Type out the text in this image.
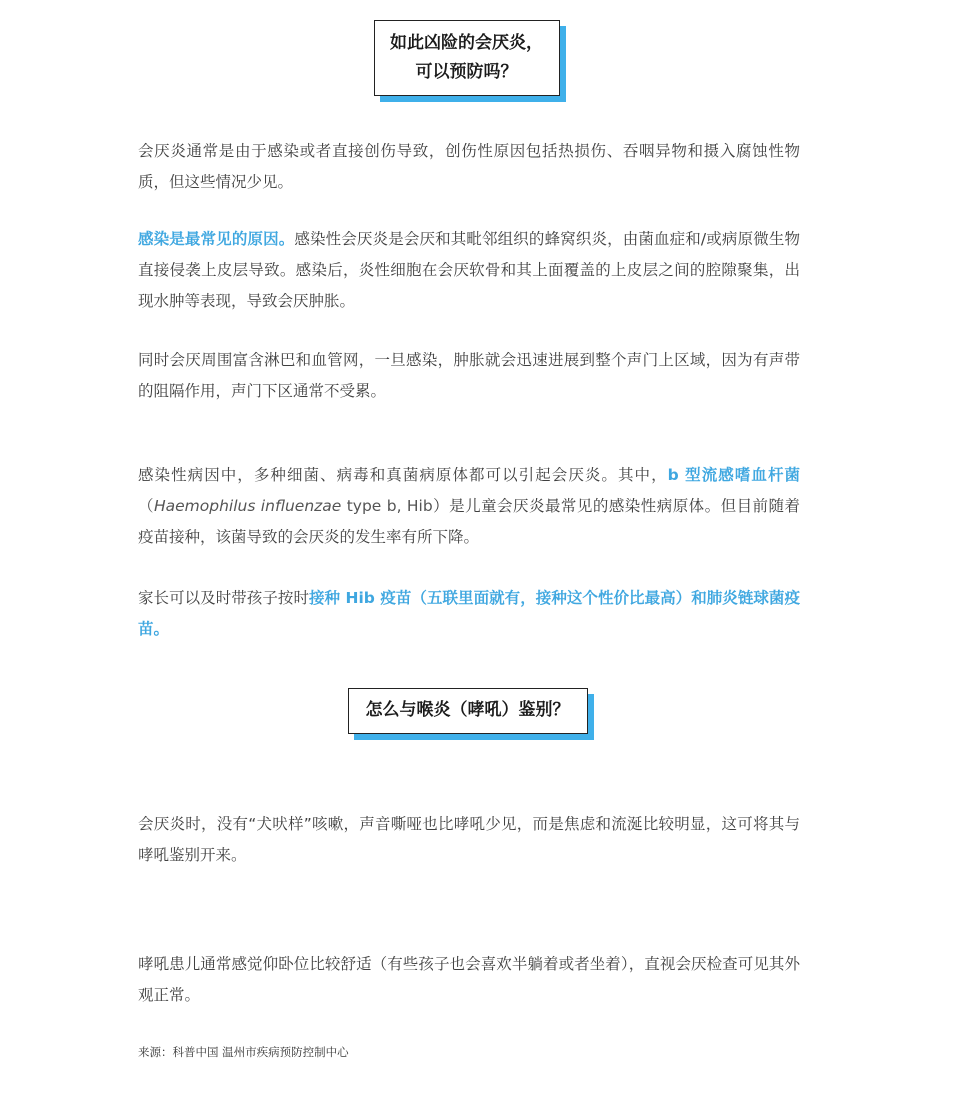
如此凶险的会厌炎，
可以预防吗？

会厌炎通常是由于感染或者直接创伤导致，创伤性原因包括热损伤、吞咽异物和摄入腐蚀性物质，但这些情况少见。

感染是最常见的原因。感染性会厌炎是会厌和其毗邻组织的蜂窝织炎，由菌血症和/或病原微生物直接侵袭上皮层导致。感染后，炎性细胞在会厌软骨和其上面覆盖的上皮层之间的腔隙聚集，出现水肿等表现，导致会厌肿胀。

同时会厌周围富含淋巴和血管网，一旦感染，肿胀就会迅速进展到整个声门上区域，因为有声带的阻隔作用，声门下区通常不受累。

感染性病因中，多种细菌、病毒和真菌病原体都可以引起会厌炎。其中，b 型流感嗜血杆菌（Haemophilus influenzae type b, Hib）是儿童会厌炎最常见的感染性病原体。但目前随着疫苗接种，该菌导致的会厌炎的发生率有所下降。

家长可以及时带孩子按时接种 Hib 疫苗（五联里面就有，接种这个性价比最高）和肺炎链球菌疫苗。

怎么与喉炎（哮吼）鉴别？

会厌炎时，没有“犬吠样”咳嗽，声音嘶哑也比哮吼少见，而是焦虑和流涎比较明显，这可将其与哮吼鉴别开来。

哮吼患儿通常感觉仰卧位比较舒适（有些孩子也会喜欢半躺着或者坐着），直视会厌检查可见其外观正常。

来源：科普中国 温州市疾病预防控制中心
